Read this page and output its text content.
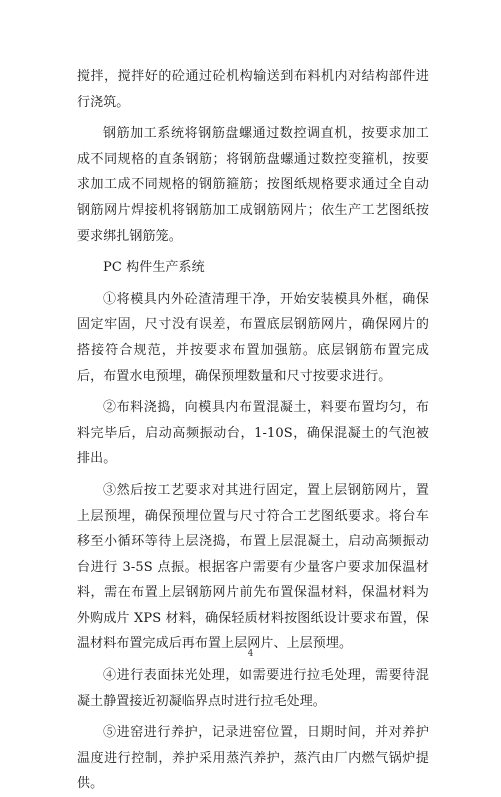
搅拌，搅拌好的砼通过砼机构输送到布料机内对结构部件进行浇筑。

钢筋加工系统将钢筋盘螺通过数控调直机，按要求加工成不同规格的直条钢筋；将钢筋盘螺通过数控变箍机，按要求加工成不同规格的钢筋箍筋；按图纸规格要求通过全自动钢筋网片焊接机将钢筋加工成钢筋网片；依生产工艺图纸按要求绑扎钢筋笼。

PC 构件生产系统

①将模具内外砼渣清理干净，开始安装模具外框，确保固定牢固，尺寸没有误差，布置底层钢筋网片，确保网片的搭接符合规范，并按要求布置加强筋。底层钢筋布置完成后，布置水电预埋，确保预埋数量和尺寸按要求进行。

②布料浇捣，向模具内布置混凝土，料要布置均匀，布料完毕后，启动高频振动台，1-10S，确保混凝土的气泡被排出。

③然后按工艺要求对其进行固定，置上层钢筋网片，置上层预埋，确保预埋位置与尺寸符合工艺图纸要求。将台车移至小循环等待上层浇捣，布置上层混凝土，启动高频振动台进行 3-5S 点振。根据客户需要有少量客户要求加保温材料，需在布置上层钢筋网片前先布置保温材料，保温材料为外购成片 XPS 材料，确保轻质材料按图纸设计要求布置，保温材料布置完成后再布置上层网片、上层预埋。

④进行表面抹光处理，如需要进行拉毛处理，需要待混凝土静置接近初凝临界点时进行拉毛处理。

⑤进窑进行养护，记录进窑位置，日期时间，并对养护温度进行控制，养护采用蒸汽养护，蒸汽由厂内燃气锅炉提供。

4
